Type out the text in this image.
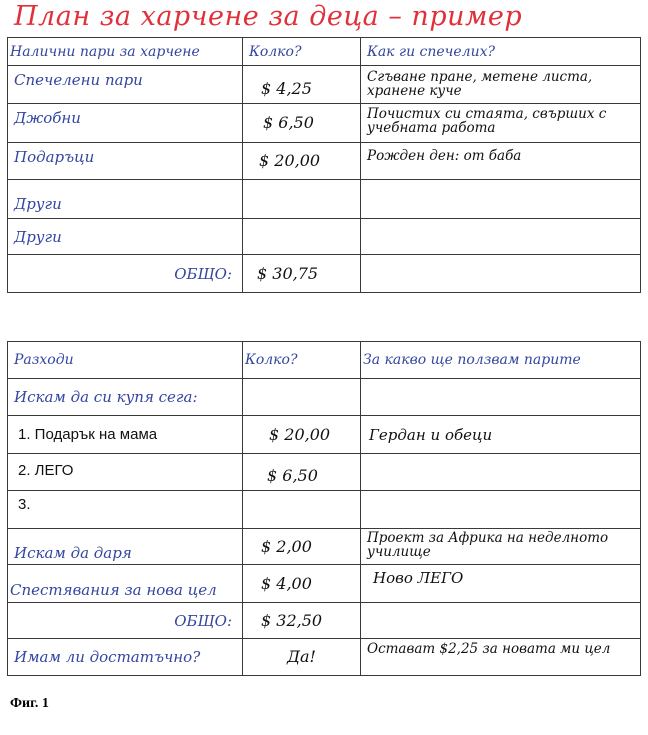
План за харчене за деца – пример
Налични пари за харчене	Колко?	Как ги спечелих?
Спечелени пари	$ 4,25	Сгъване пране, метене листа, хранене куче
Джобни	$ 6,50	Почистих си стаята, свърших с учебната работа
Подаръци	$ 20,00	Рожден ден: от баба
Други		
Други		
ОБЩО:	$ 30,75	
Разходи	Колко?	За какво ще ползвам парите
Искам да си купя сега:		
1. Подарък на мама	$ 20,00	Гердан и обеци
2. ЛЕГО	$ 6,50	
3.		
Искам да даря	$ 2,00	Проект за Африка на неделното училище
Спестявания за нова цел	$ 4,00	Ново ЛЕГО
ОБЩО:	$ 32,50	
Имам ли достатъчно?	Да!	Остават $2,25 за новата ми цел
Фиг. 1
